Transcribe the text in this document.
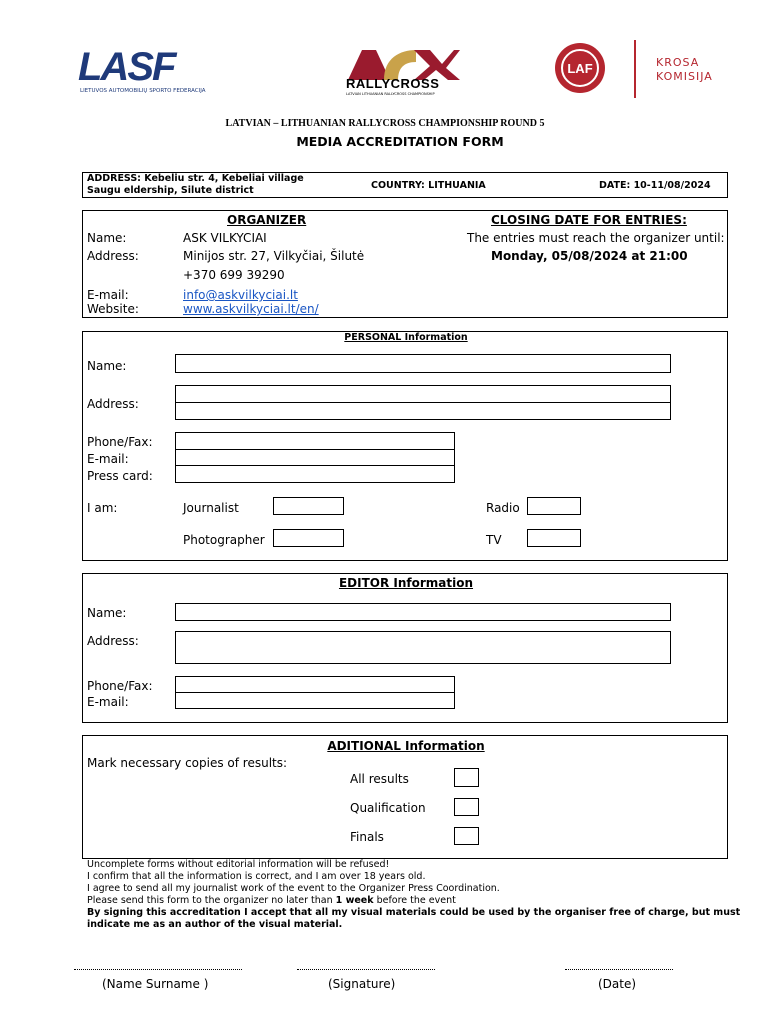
LASF
LIETUVOS AUTOMOBILIŲ SPORTO FEDERACIJA	RALLYCROSS
LATVIAN LITHUANIAN RALLYCROSS CHAMPIONSHIP
LAF	KROSA
KOMISIJA
LATVIAN – LITHUANIAN RALLYCROSS CHAMPIONSHIP ROUND 5
MEDIA ACCREDITATION FORM
ADDRESS: Kebeliu str. 4, Kebeliai village
Saugu eldership, Silute district	COUNTRY: LITHUANIA	DATE: 10-11/08/2024
ORGANIZER
Name:	ASK VILKYCIAI
Address:	Minijos str. 27, Vilkyčiai, Šilutė
+370 699 39290
E-mail:	info@askvilkyciai.lt
Website:	www.askvilkyciai.lt/en/
CLOSING DATE FOR ENTRIES:
The entries must reach the organizer until:
Monday, 05/08/2024 at 21:00
PERSONAL Information
Name:
Address:
Phone/Fax:
E-mail:
Press card:
I am:	Journalist
Photographer
Radio
TV
EDITOR Information
Name:
Address:
Phone/Fax:
E-mail:
ADITIONAL Information
Mark necessary copies of results:
All results
Qualification
Finals
Uncomplete forms without editorial information will be refused!
I confirm that all the information is correct, and I am over 18 years old.
I agree to send all my journalist work of the event to the Organizer Press Coordination.
Please send this form to the organizer no later than 1 week before the event
By signing this accreditation I accept that all my visual materials could be used by the organiser free of charge, but must
indicate me as an author of the visual material.
(Name Surname )	(Signature)	(Date)
